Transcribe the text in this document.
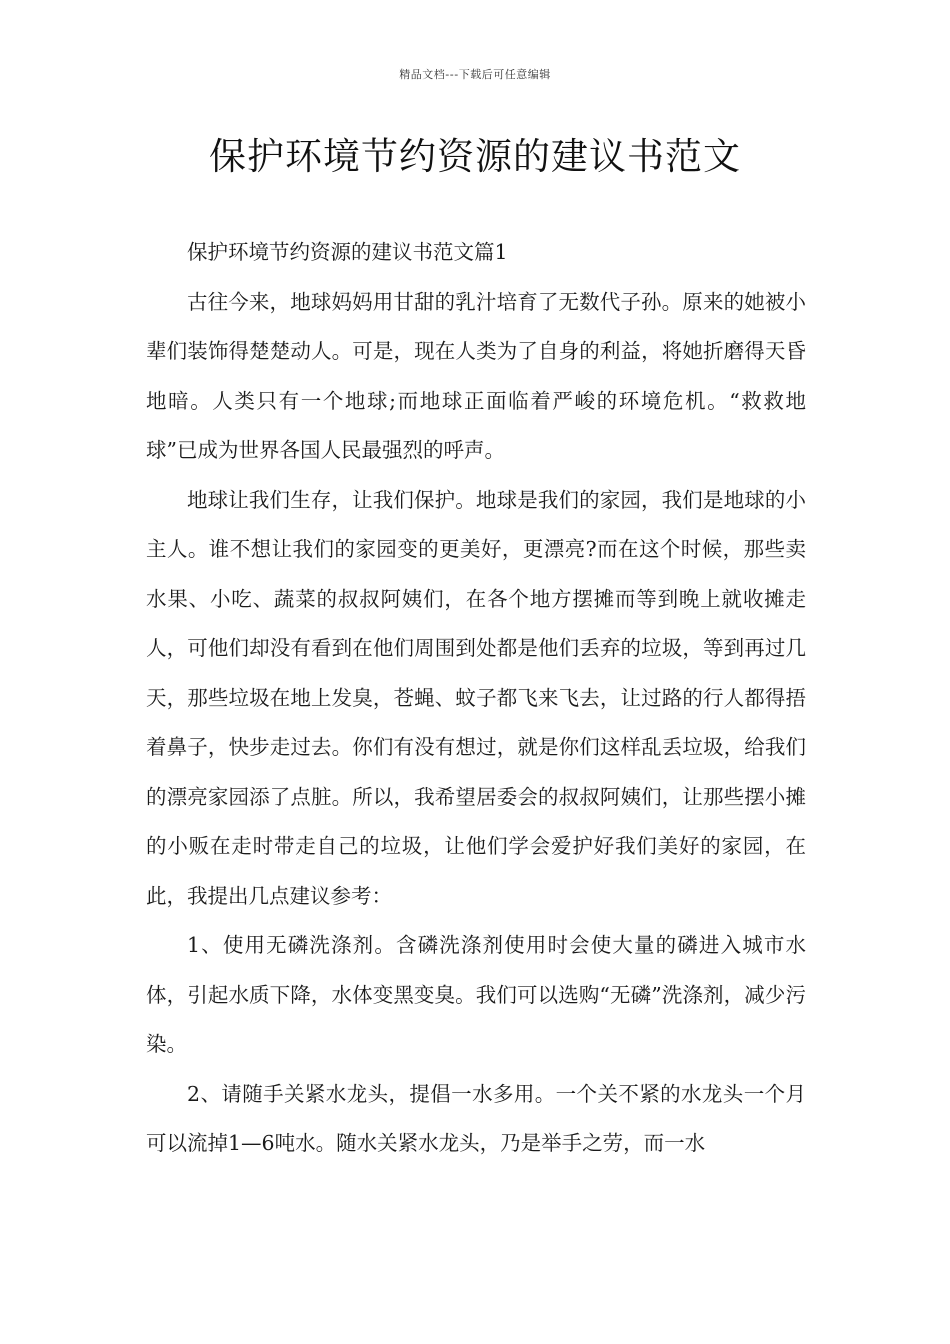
精品文档---下载后可任意编辑
保护环境节约资源的建议书范文

保护环境节约资源的建议书范文篇1

古往今来，地球妈妈用甘甜的乳汁培育了无数代子孙。原来的她被小辈们装饰得楚楚动人。可是，现在人类为了自身的利益，将她折磨得天昏地暗。人类只有一个地球;而地球正面临着严峻的环境危机。“救救地球”已成为世界各国人民最强烈的呼声。

地球让我们生存，让我们保护。地球是我们的家园，我们是地球的小主人。谁不想让我们的家园变的更美好，更漂亮?而在这个时候，那些卖水果、小吃、蔬菜的叔叔阿姨们，在各个地方摆摊而等到晚上就收摊走人，可他们却没有看到在他们周围到处都是他们丢弃的垃圾，等到再过几天，那些垃圾在地上发臭，苍蝇、蚊子都飞来飞去，让过路的行人都得捂着鼻子，快步走过去。你们有没有想过，就是你们这样乱丢垃圾，给我们的漂亮家园添了点脏。所以，我希望居委会的叔叔阿姨们，让那些摆小摊的小贩在走时带走自己的垃圾，让他们学会爱护好我们美好的家园，在此，我提出几点建议参考：

1、使用无磷洗涤剂。含磷洗涤剂使用时会使大量的磷进入城市水体，引起水质下降，水体变黑变臭。我们可以选购“无磷”洗涤剂，减少污染。

2、请随手关紧水龙头，提倡一水多用。一个关不紧的水龙头一个月可以流掉1—6吨水。随水关紧水龙头，乃是举手之劳，而一水
